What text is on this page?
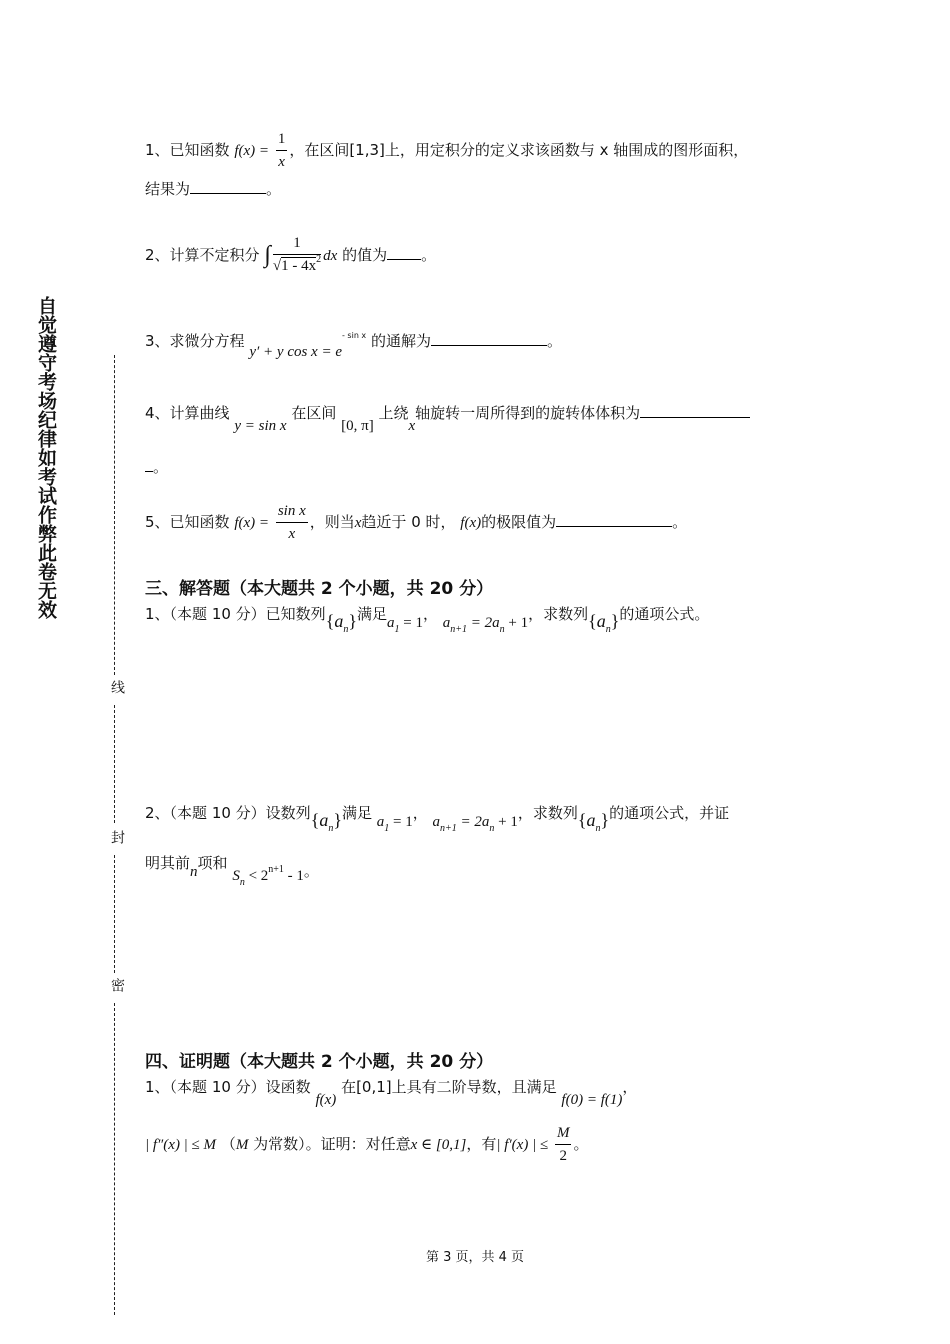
自觉遵守考场纪律如考试作弊此卷无效
线
封
密
1、已知函数 $f(x) = \frac{1}{x}$ ，在区间[1,3]上，用定积分的定义求该函数与 x 轴围成的图形面积，
结果为	。
2、计算不定积分 ∫ $\frac{1}{√1 - 4x^2}$ dx 的值为 。
3、求微分方程 y′ + y $\cos x = e^{- sin x}$ 的通解为	。
4、计算曲线 y = sin x 在区间 [0, π] 上绕x轴旋转一周所得到的旋转体体积为
。
5、已知函数 $f(x) = \frac{\text{sin x}}{x}$ ，则当x趋近于 0 时， f(x)的极限值为	。
三、解答题（本大题共 2 个小题，共 20 分）
1、（本题 10 分）已知数列$\{a_n\}$满足$a_1 = 1$， $a_{n+1} = 2a_n + 1$，求数列$\{a_n\}$的通项公式。
2、（本题 10 分）设数列$\{a_n\}$满足 $a_1 = 1$， $a_{n+1} = 2a_n + 1$，求数列$\{a_n\}$的通项公式，并证
明其前n项和 $S_n < 2^{n+1} - 1$。
四、证明题（本大题共 2 个小题，共 20 分）
1、（本题 10 分）设函数 f(x) 在[0,1]上具有二阶导数，且满足 f(0) = f(1)，
| f″(x) | ≤ M （M 为常数）。证明：对任意x ∈ [0,1]，有| f′(x) | ≤ $\frac{M}{2}$ 。
第 3 页，共 4 页
